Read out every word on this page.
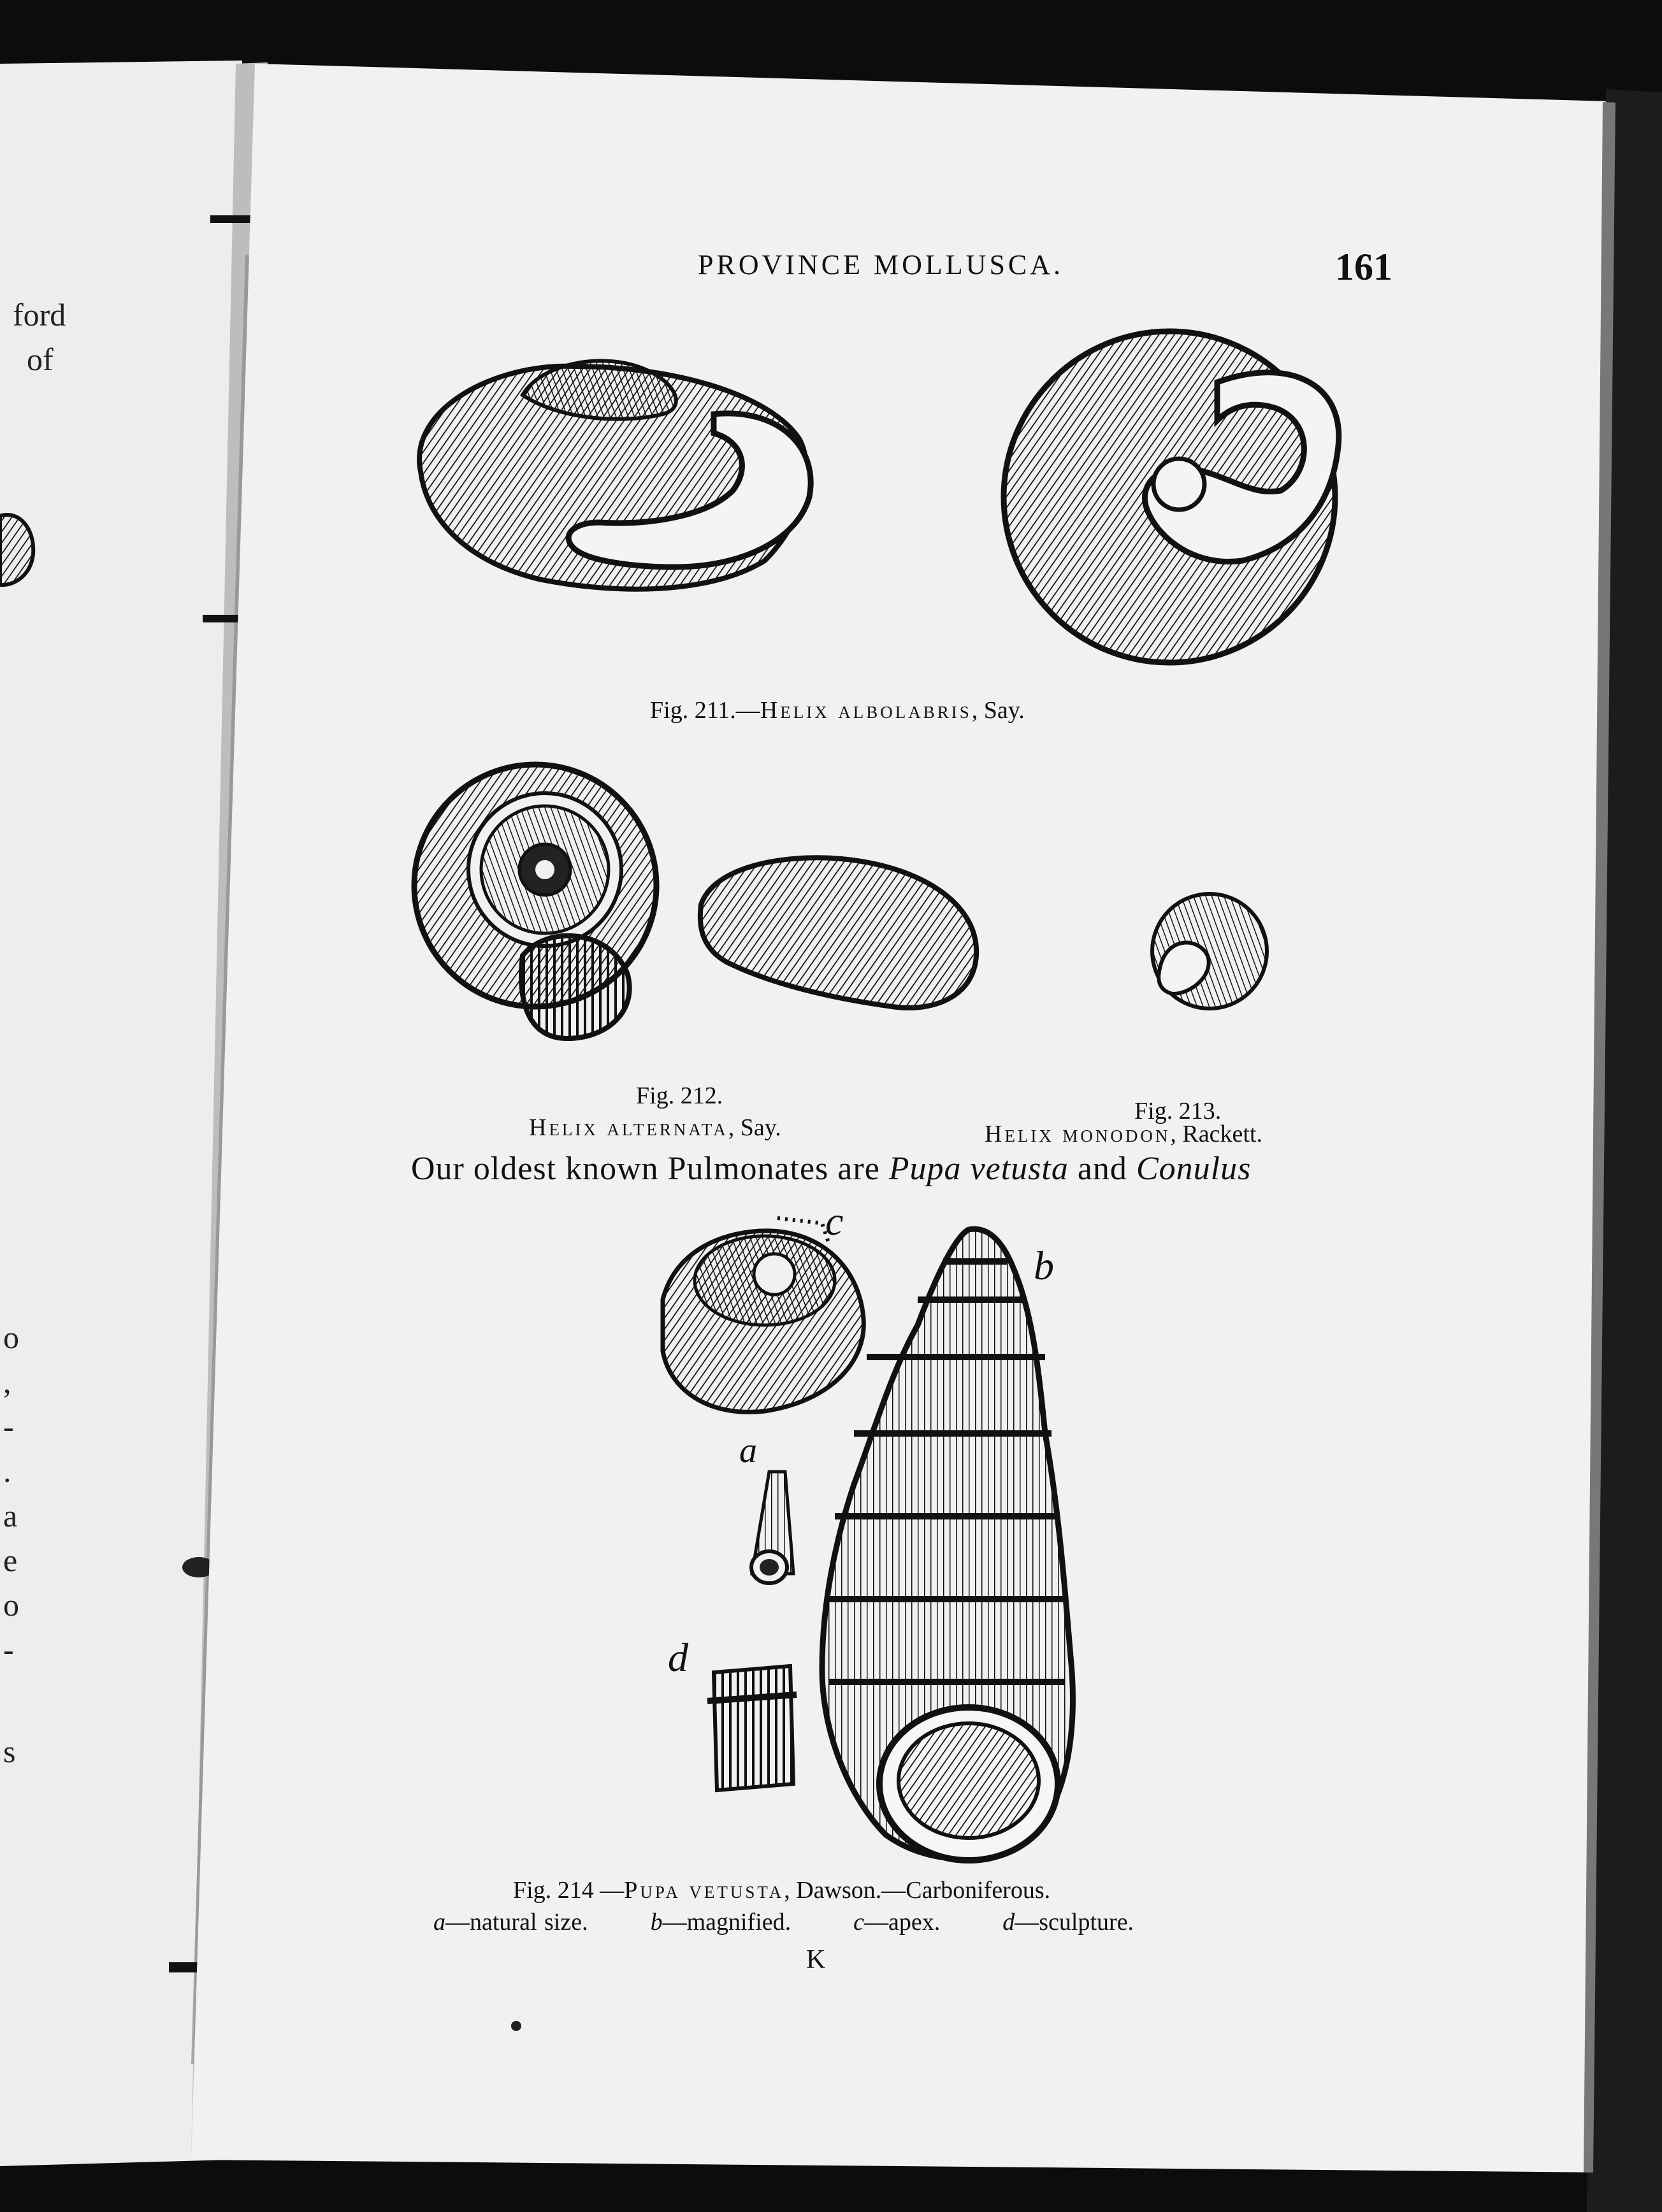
ford
of
o
,
-
.
a
e
o
-
s
PROVINCE MOLLUSCA.	161
Fig. 211.—Helix albolabris, Say.
Fig. 212.
Helix alternata, Say.
Fig. 213.
Helix monodon, Rackett.
Our oldest known Pulmonates are Pupa vetusta and Conulus
c
b
a
d
Fig. 214 —Pupa vetusta, Dawson.—Carboniferous.
a—natural size.	b—magnified.	c—apex.	d—sculpture.
K
